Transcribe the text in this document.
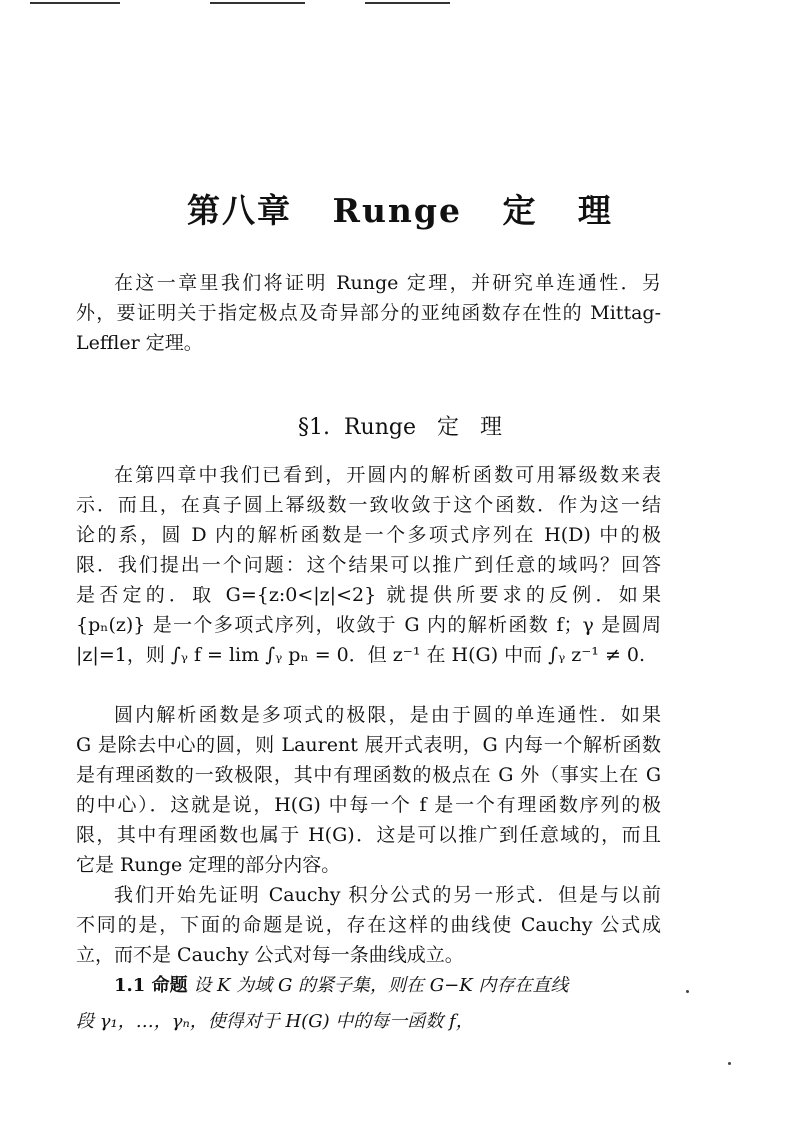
第八章   Runge   定   理
在这一章里我们将证明 Runge 定理，并研究单连通性．另
外，要证明关于指定极点及奇异部分的亚纯函数存在性的 Mittag-
Leffler 定理。
§1.  Runge   定   理
在第四章中我们已看到，开圆内的解析函数可用幂级数来表
示．而且，在真子圆上幂级数一致收敛于这个函数．作为这一结
论的系，圆 D 内的解析函数是一个多项式序列在 H(D) 中的极
限．我们提出一个问题：这个结果可以推广到任意的域吗？回答
是否定的．取 G={z:0<|z|<2} 就提供所要求的反例．如果
{pₙ(z)} 是一个多项式序列，收敛于 G 内的解析函数 f；γ 是圆周
|z|=1，则 ∫ᵧ f = lim ∫ᵧ pₙ = 0．但 z⁻¹ 在 H(G) 中而 ∫ᵧ z⁻¹ ≠ 0.
圆内解析函数是多项式的极限，是由于圆的单连通性．如果
G 是除去中心的圆，则 Laurent 展开式表明，G 内每一个解析函数
是有理函数的一致极限，其中有理函数的极点在 G 外（事实上在 G
的中心）．这就是说，H(G) 中每一个 f 是一个有理函数序列的极
限，其中有理函数也属于 H(G)．这是可以推广到任意域的，而且
它是 Runge 定理的部分内容。
我们开始先证明 Cauchy 积分公式的另一形式．但是与以前
不同的是，下面的命题是说，存在这样的曲线使 Cauchy 公式成
立，而不是 Cauchy 公式对每一条曲线成立。
1.1 命题 设 K 为域 G 的紧子集，则在 G−K 内存在直线
段 γ₁，…，γₙ，使得对于 H(G) 中的每一函数 f，
